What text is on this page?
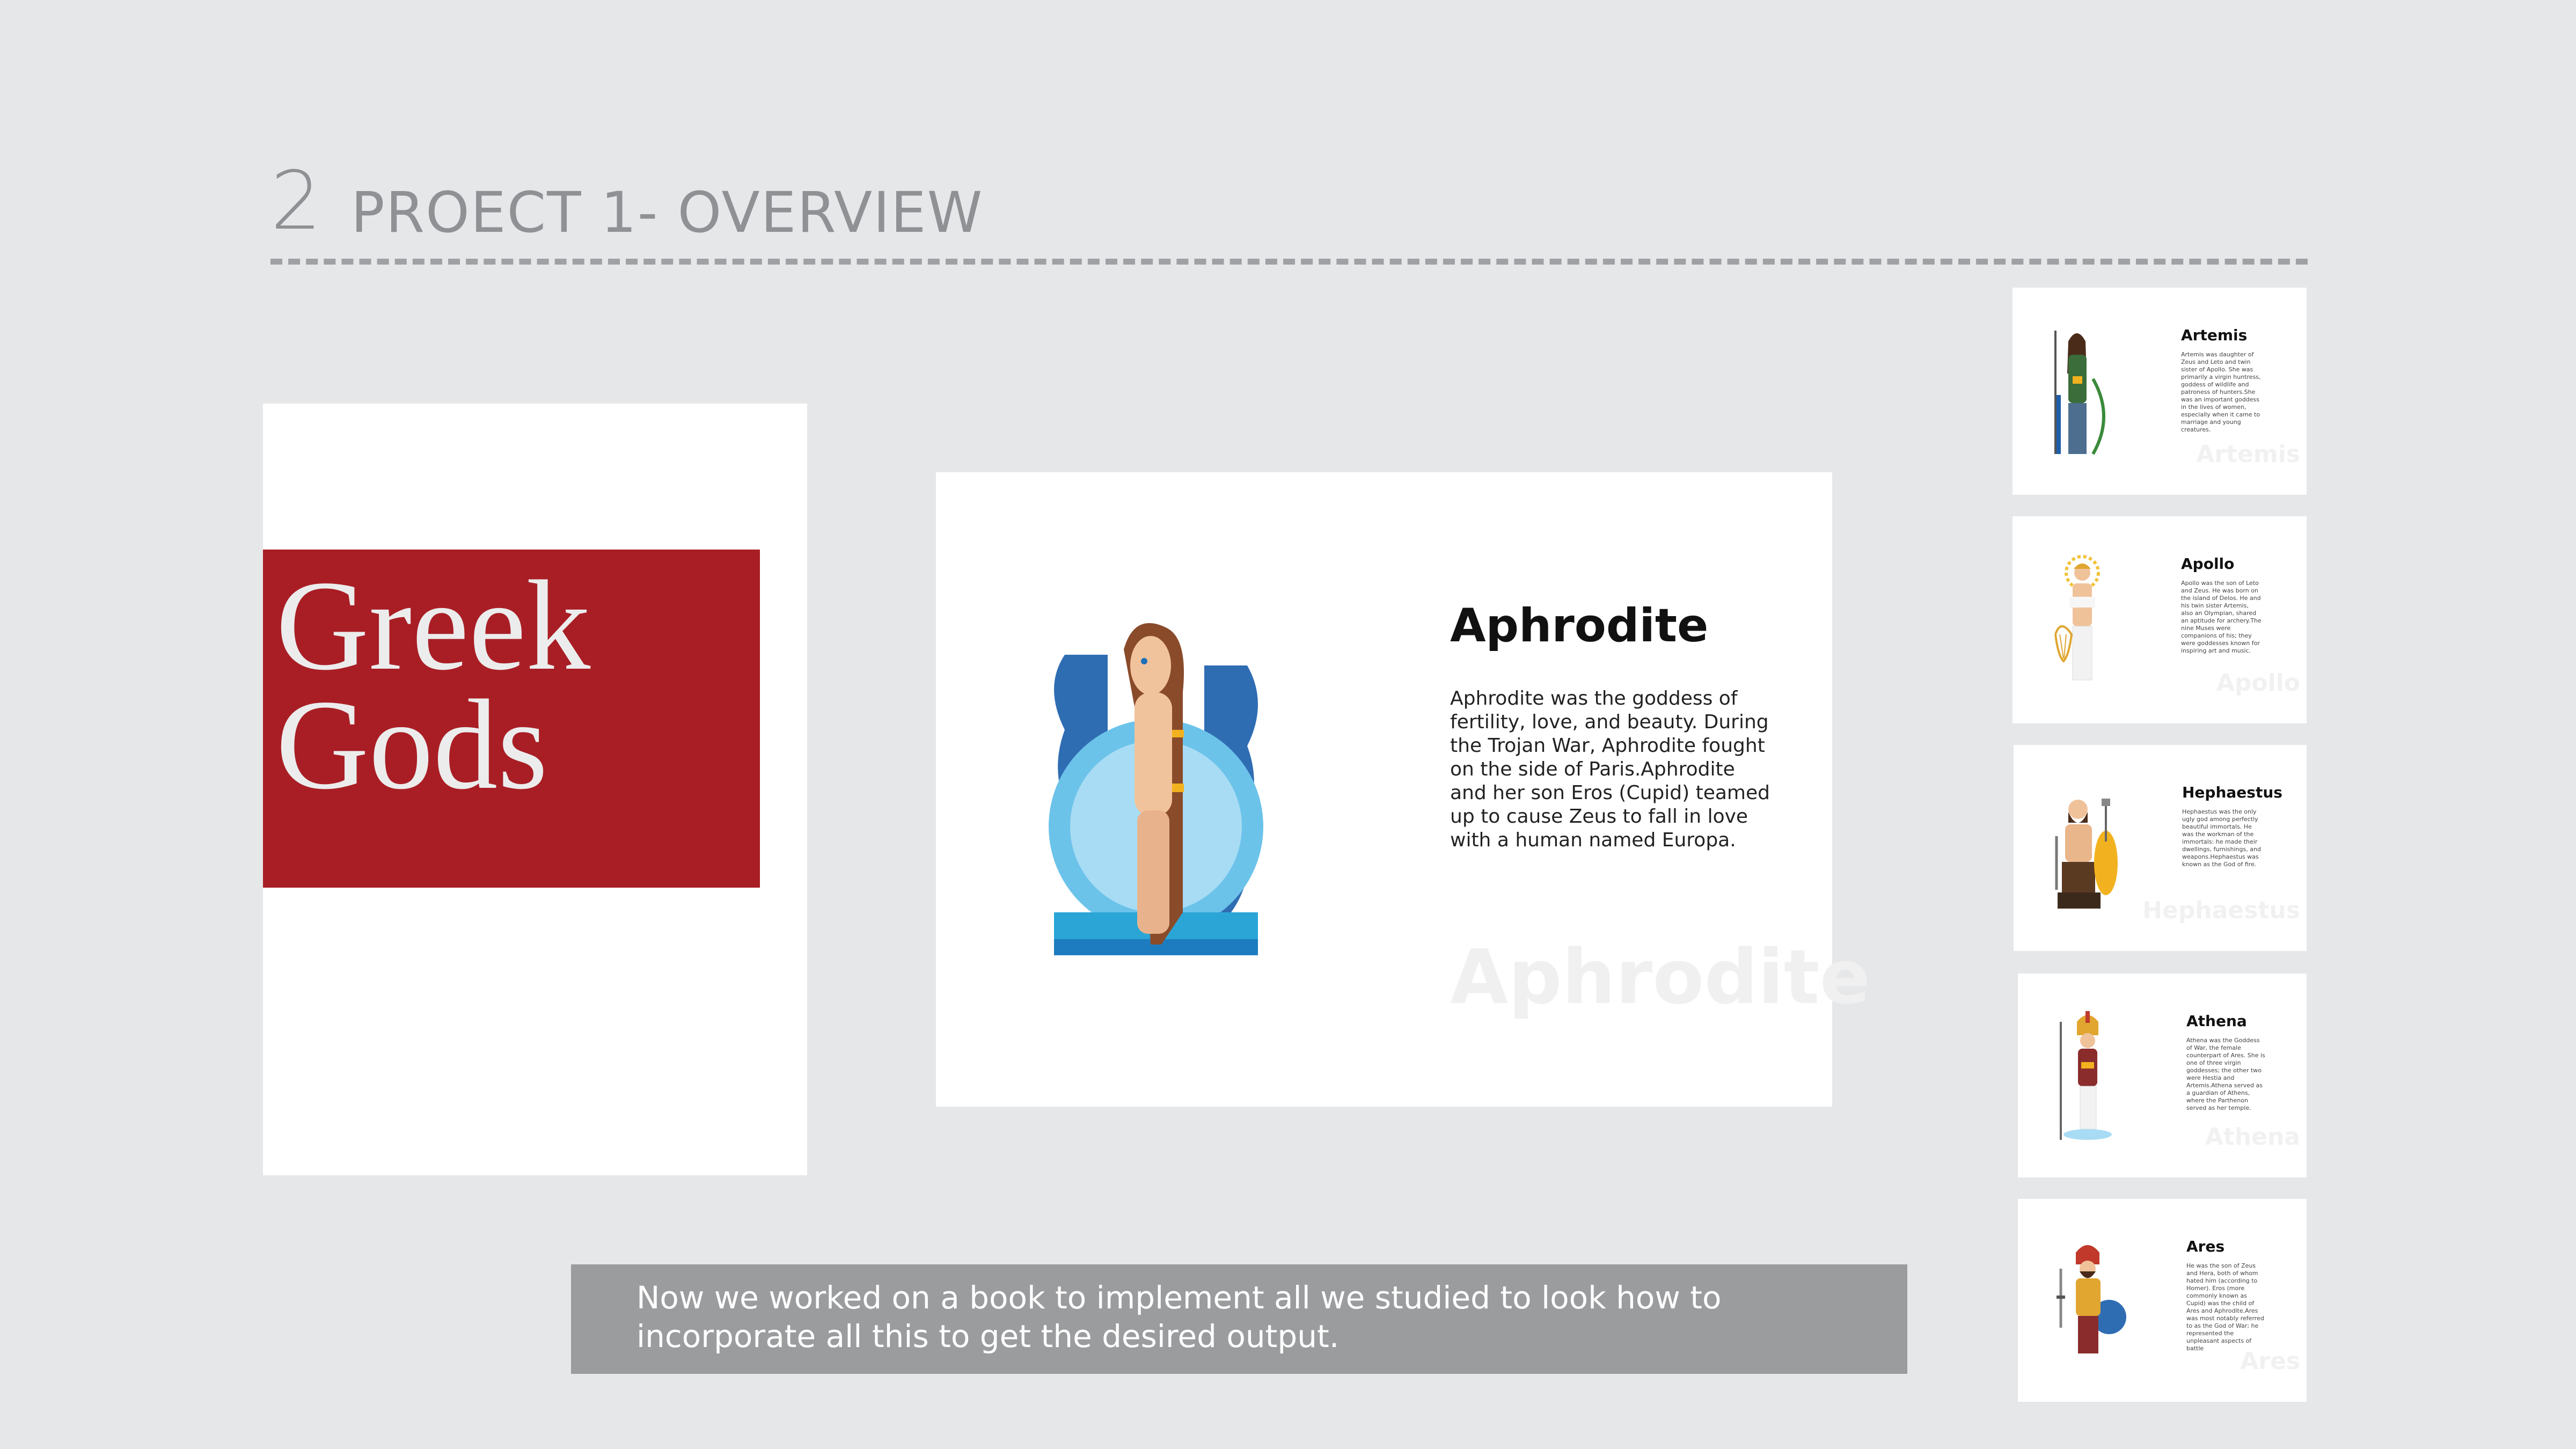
2 PROECT 1- OVERVIEW
Greek
Gods
Aphrodite
Aphrodite was the goddess of fertility, love, and beauty. During the Trojan War, Aphrodite fought on the side of Paris.Aphrodite and her son Eros (Cupid) teamed up to cause Zeus to fall in love with a human named Europa.
Aphrodite
Artemis
Artemis was daughter of Zeus and Leto and twin sister of Apollo. She was primarily a virgin huntress, goddess of wildlife and patroness of hunters.She was an important goddess in the lives of women, especially when it came to marriage and young creatures.
Artemis
Apollo
Apollo was the son of Leto and Zeus. He was born on the island of Delos. He and his twin sister Artemis, also an Olympian, shared an aptitude for archery.The nine Muses were companions of his; they were goddesses known for inspiring art and music.
Apollo
Hephaestus
Hephaestus was the only ugly god among perfectly beautiful immortals. He was the workman of the immortals: he made their dwellings, furnishings, and weapons.Hephaestus was known as the God of fire.
Hephaestus
Athena
Athena was the Goddess of War, the female counterpart of Ares. She is one of three virgin goddesses; the other two were Hestia and Artemis.Athena served as a guardian of Athens, where the Parthenon served as her temple.
Athena
Ares
He was the son of Zeus and Hera, both of whom hated him (according to Homer). Eros (more commonly known as Cupid) was the child of Ares and Aphrodite.Ares was most notably referred to as the God of War; he represented the unpleasant aspects of battle	Ares
Now we worked on a book to implement all we studied to look how to incorporate all this to get the desired output.
